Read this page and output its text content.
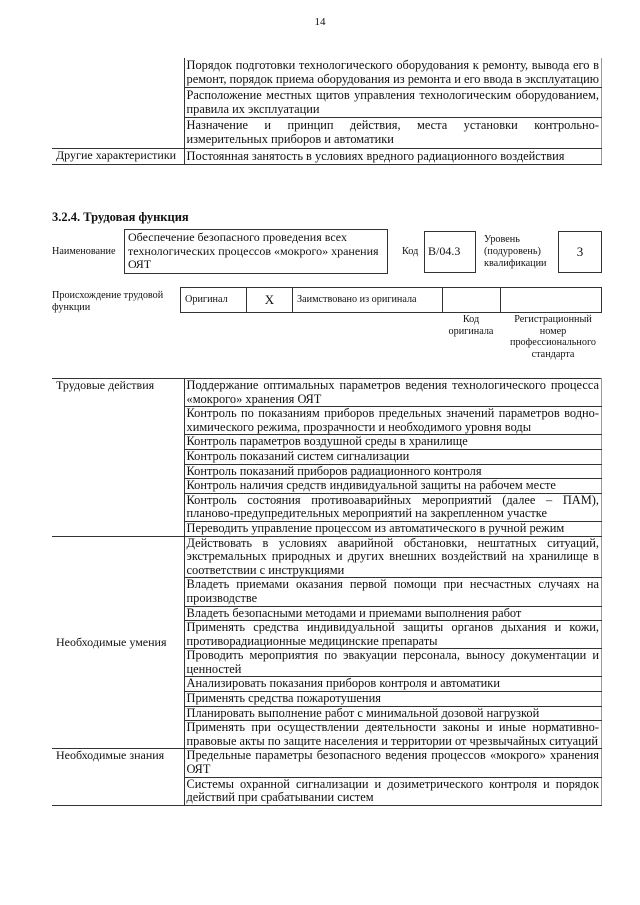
14
	Порядок подготовки технологического оборудования к ремонту, вывода его в ремонт, порядок приема оборудования из ремонта и его ввода в эксплуатацию
	Расположение местных щитов управления технологическим оборудованием, правила их эксплуатации
	Назначение и принцип действия, места установки контрольно-измерительных приборов и автоматики
Другие характеристики	Постоянная занятость в условиях вредного радиационного воздействия
3.2.4. Трудовая функция
Наименование
Обеспечение безопасного проведения всех технологических процессов «мокрого» хранения ОЯТ
Код B/04.3
Уровень (подуровень) квалификации
3
Происхождение трудовой функции
Оригинал	X	Заимствовано из оригинала
Код оригинала
Регистрационный номер профессионального стандарта
Трудовые действия	Поддержание оптимальных параметров ведения технологического процесса «мокрого» хранения ОЯТ
	Контроль по показаниям приборов предельных значений параметров водно-химического режима, прозрачности и необходимого уровня воды
	Контроль параметров воздушной среды в хранилище
	Контроль показаний систем сигнализации
	Контроль показаний приборов радиационного контроля
	Контроль наличия средств индивидуальной защиты на рабочем месте
	Контроль состояния противоаварийных мероприятий (далее – ПАМ), планово-предупредительных мероприятий на закрепленном участке
	Переводить управление процессом из автоматического в ручной режим
Необходимые умения	Действовать в условиях аварийной обстановки, нештатных ситуаций, экстремальных природных и других внешних воздействий на хранилище в соответствии с инструкциями
	Владеть приемами оказания первой помощи при несчастных случаях на производстве
	Владеть безопасными методами и приемами выполнения работ
	Применять средства индивидуальной защиты органов дыхания и кожи, противорадиационные медицинские препараты
	Проводить мероприятия по эвакуации персонала, выносу документации и ценностей
	Анализировать показания приборов контроля и автоматики
	Применять средства пожаротушения
	Планировать выполнение работ с минимальной дозовой нагрузкой
	Применять при осуществлении деятельности законы и иные нормативно-правовые акты по защите населения и территории от чрезвычайных ситуаций
Необходимые знания	Предельные параметры безопасного ведения процессов «мокрого» хранения ОЯТ
	Системы охранной сигнализации и дозиметрического контроля и порядок действий при срабатывании систем
